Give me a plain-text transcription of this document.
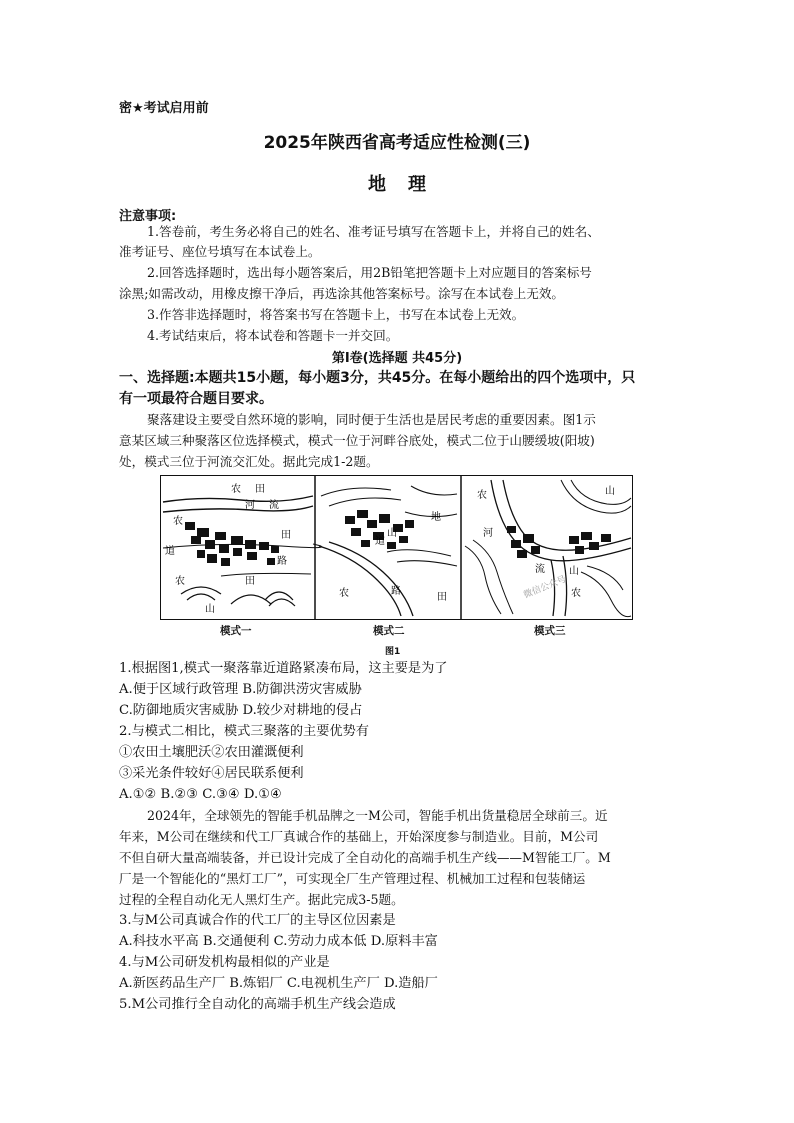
密★考试启用前
2025年陕西省高考适应性检测(三)
地理
注意事项:
1.答卷前，考生务必将自己的姓名、准考证号填写在答题卡上，并将自己的姓名、
准考证号、座位号填写在本试卷上。
2.回答选择题时，选出每小题答案后，用2B铅笔把答题卡上对应题目的答案标号
涂黑;如需改动，用橡皮擦干净后，再选涂其他答案标号。涂写在本试卷上无效。
3.作答非选择题时，将答案书写在答题卡上，书写在本试卷上无效。
4.考试结束后，将本试卷和答题卡一并交回。
第Ⅰ卷(选择题 共45分)
一、选择题:本题共15小题，每小题3分，共45分。在每小题给出的四个选项中，只
有一项最符合题目要求。
聚落建设主要受自然环境的影响，同时便于生活也是居民考虑的重要因素。图1示
意某区域三种聚落区位选择模式，模式一位于河畔谷底处，模式二位于山腰缓坡(阳坡)
处，模式三位于河流交汇处。据此完成1-2题。
农 田
河 流
农
道
田
路
农	田
山
道
山
地
农	路
田
农	山
河
山
流
农
微信公众号
模式一	模式二	模式三
图1
1.根据图1,模式一聚落靠近道路紧凑布局，这主要是为了
A.便于区域行政管理 B.防御洪涝灾害威胁
C.防御地质灾害威胁 D.较少对耕地的侵占
2.与模式二相比，模式三聚落的主要优势有
①农田土壤肥沃②农田灌溉便利
③采光条件较好④居民联系便利
A.①② B.②③ C.③④ D.①④
2024年，全球领先的智能手机品牌之一M公司，智能手机出货量稳居全球前三。近
年来，M公司在继续和代工厂真诚合作的基础上，开始深度参与制造业。目前，M公司
不但自研大量高端装备，并已设计完成了全自动化的高端手机生产线——M智能工厂。M
厂是一个智能化的“黑灯工厂”，可实现全厂生产管理过程、机械加工过程和包装储运
过程的全程自动化无人黑灯生产。据此完成3-5题。
3.与M公司真诚合作的代工厂的主导区位因素是
A.科技水平高 B.交通便利 C.劳动力成本低 D.原料丰富
4.与M公司研发机构最相似的产业是
A.新医药品生产厂 B.炼铝厂 C.电视机生产厂 D.造船厂
5.M公司推行全自动化的高端手机生产线会造成
